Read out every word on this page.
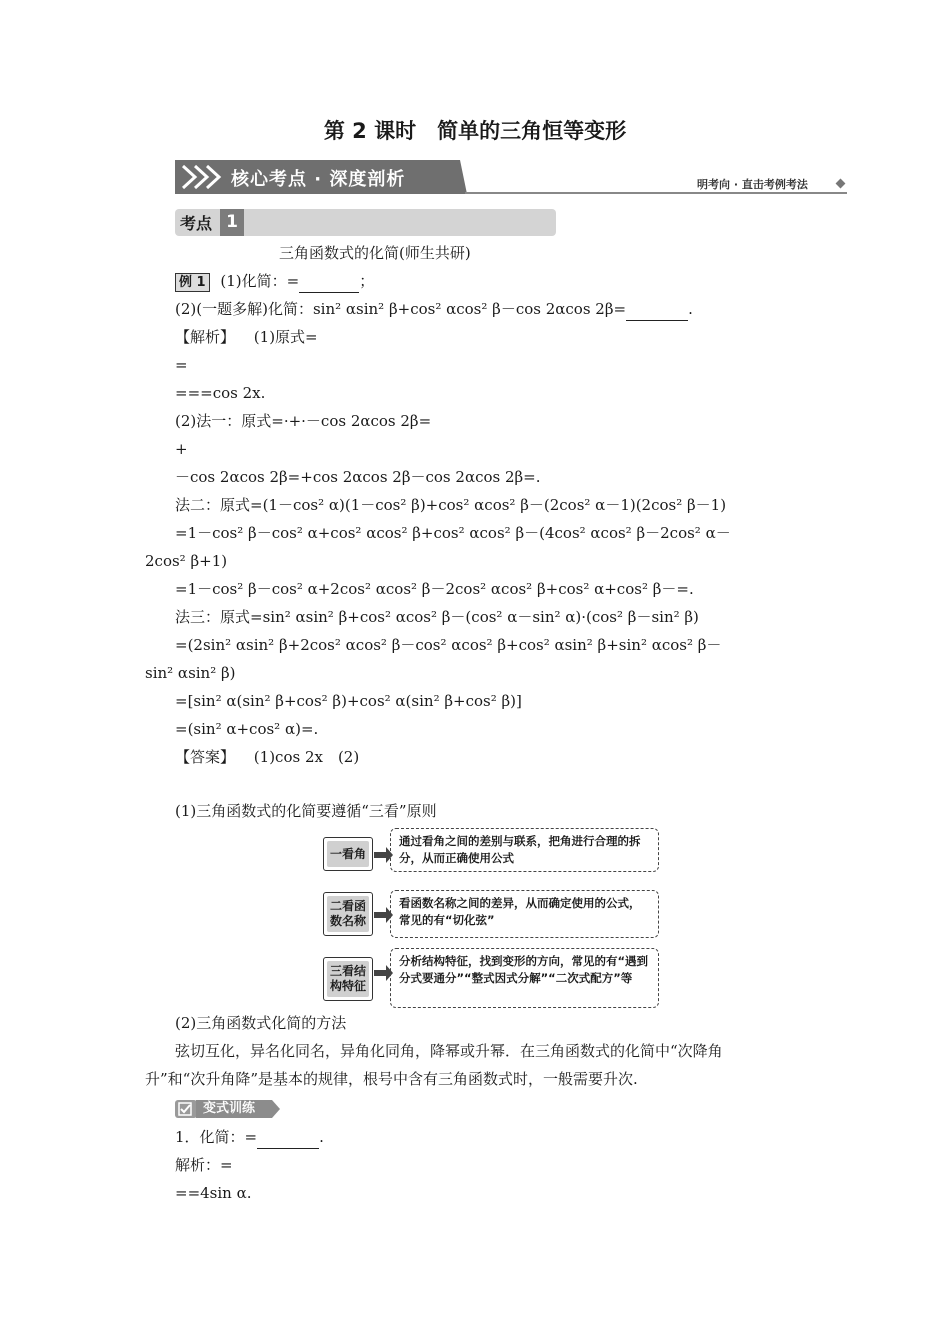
第 2 课时　简单的三角恒等变形
核心考点 · 深度剖析	明考向 · 直击考例考法
考点 1
三角函数式的化简(师生共研)
例 1 (1)化简：=	；
(2)(一题多解)化简：sin² αsin² β+cos² αcos² β－cos 2αcos 2β=	.
【解析】 (1)原式=
=
===cos 2x.
(2)法一：原式=·+·－cos 2αcos 2β=
+
－cos 2αcos 2β=+cos 2αcos 2β－cos 2αcos 2β=.
法二：原式=(1－cos² α)(1－cos² β)+cos² αcos² β－(2cos² α－1)(2cos² β－1)
=1－cos² β－cos² α+cos² αcos² β+cos² αcos² β－(4cos² αcos² β－2cos² α－
2cos² β+1)
=1－cos² β－cos² α+2cos² αcos² β－2cos² αcos² β+cos² α+cos² β－=.
法三：原式=sin² αsin² β+cos² αcos² β－(cos² α－sin² α)·(cos² β－sin² β)
=(2sin² αsin² β+2cos² αcos² β－cos² αcos² β+cos² αsin² β+sin² αcos² β－
sin² αsin² β)
=[sin² α(sin² β+cos² β)+cos² α(sin² β+cos² β)]
=(sin² α+cos² α)=.
【答案】 (1)cos 2x　(2)
(1)三角函数式的化简要遵循“三看”原则
一看角
通过看角之间的差别与联系，把角进行合理的拆分，从而正确使用公式
二看函
数名称
看函数名称之间的差异，从而确定使用的公式，常见的有“切化弦”
三看结
构特征
分析结构特征，找到变形的方向，常见的有“遇到分式要通分”“整式因式分解”“二次式配方”等
(2)三角函数式化简的方法
弦切互化，异名化同名，异角化同角，降幂或升幂．在三角函数式的化简中“次降角
升”和“次升角降”是基本的规律，根号中含有三角函数式时，一般需要升次.
变式训练
1．化简：=	.
解析：=
==4sin α.
